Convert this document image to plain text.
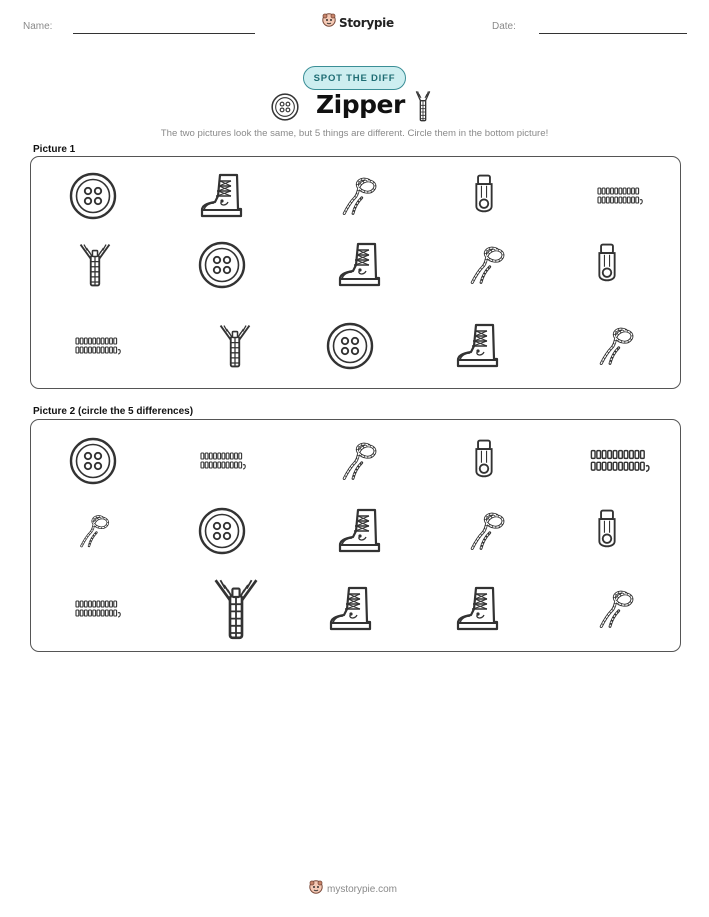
Name:	Storypie	Date:
SPOT THE DIFF
Zipper

The two pictures look the same, but 5 things are different. Circle them in the bottom picture!

Picture 1
Picture 2 (circle the 5 differences)
mystorypie.com
